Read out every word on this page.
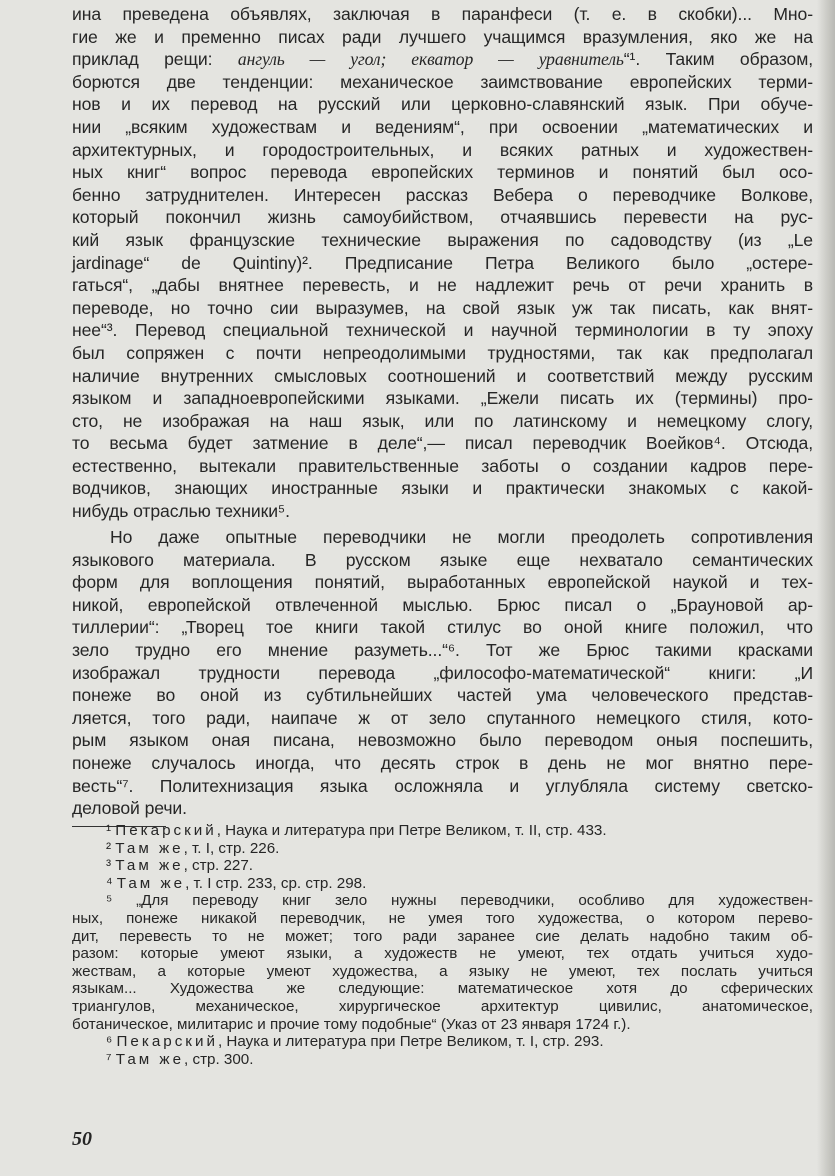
ина преведена объявлях, заключая в паранфеси (т. е. в скобки)... Мно-
гие же и пременно писах ради лучшего учащимся вразумления, яко же на
приклад рещи: ангуль — угол; екватор — уравнитель“¹. Таким образом,
борются две тенденции: механическое заимствование европейских терми-
нов и их перевод на русский или церковно-славянский язык. При обуче-
нии „всяким художествам и ведениям“, при освоении „математических и
архитектурных, и городостроительных, и всяких ратных и художествен-
ных книг“ вопрос перевода европейских терминов и понятий был осо-
бенно затруднителен. Интересен рассказ Вебера о переводчике Волкове,
который покончил жизнь самоубийством, отчаявшись перевести на рус-
кий язык французские технические выражения по садоводству (из „Le
jardinage“ de Quintiny)². Предписание Петра Великого было „остере-
гаться“, „дабы внятнее перевесть, и не надлежит речь от речи хранить в
переводе, но точно сии выразумев, на свой язык уж так писать, как внят-
нее“³. Перевод специальной технической и научной терминологии в ту эпоху
был сопряжен с почти непреодолимыми трудностями, так как предполагал
наличие внутренних смысловых соотношений и соответствий между русским
языком и западноевропейскими языками. „Ежели писать их (термины) про-
сто, не изображая на наш язык, или по латинскому и немецкому слогу,
то весьма будет затмение в деле“,— писал переводчик Воейков⁴. Отсюда,
естественно, вытекали правительственные заботы о создании кадров пере-
водчиков, знающих иностранные языки и практически знакомых с какой-
нибудь отраслью техники⁵.
Но даже опытные переводчики не могли преодолеть сопротивления
языкового материала. В русском языке еще нехватало семантических
форм для воплощения понятий, выработанных европейской наукой и тех-
никой, европейской отвлеченной мыслью. Брюс писал о „Брауновой ар-
тиллерии“: „Творец тое книги такой стилус во оной книге положил, что
зело трудно его мнение разуметь...“⁶. Тот же Брюс такими красками
изображал трудности перевода „философо-математической“ книги: „И
понеже во оной из субтильнейших частей ума человеческого представ-
ляется, того ради, наипаче ж от зело спутанного немецкого стиля, кото-
рым языком оная писана, невозможно было переводом оныя поспешить,
понеже случалось иногда, что десять строк в день не мог внятно пере-
весть“⁷. Политехнизация языка осложняла и углубляла систему светско-
деловой речи.
¹ Пекарский, Наука и литература при Петре Великом, т. II, стр. 433.
² Там же, т. I, стр. 226.
³ Там же, стр. 227.
⁴ Там же, т. I стр. 233, ср. стр. 298.
⁵ „Для переводу книг зело нужны переводчики, особливо для художествен-
ных, понеже никакой переводчик, не умея того художества, о котором перево-
дит, перевесть то не может; того ради заранее сие делать надобно таким об-
разом: которые умеют языки, а художеств не умеют, тех отдать учиться худо-
жествам, а которые умеют художества, а языку не умеют, тех послать учиться
языкам... Художества же следующие: математическое хотя до сферических
триангулов, механическое, хирургическое архитектур цивилис, анатомическое,
ботаническое, милитарис и прочие тому подобные“ (Указ от 23 января 1724 г.).
⁶ Пекарский, Наука и литература при Петре Великом, т. I, стр. 293.
⁷ Там же, стр. 300.
50
